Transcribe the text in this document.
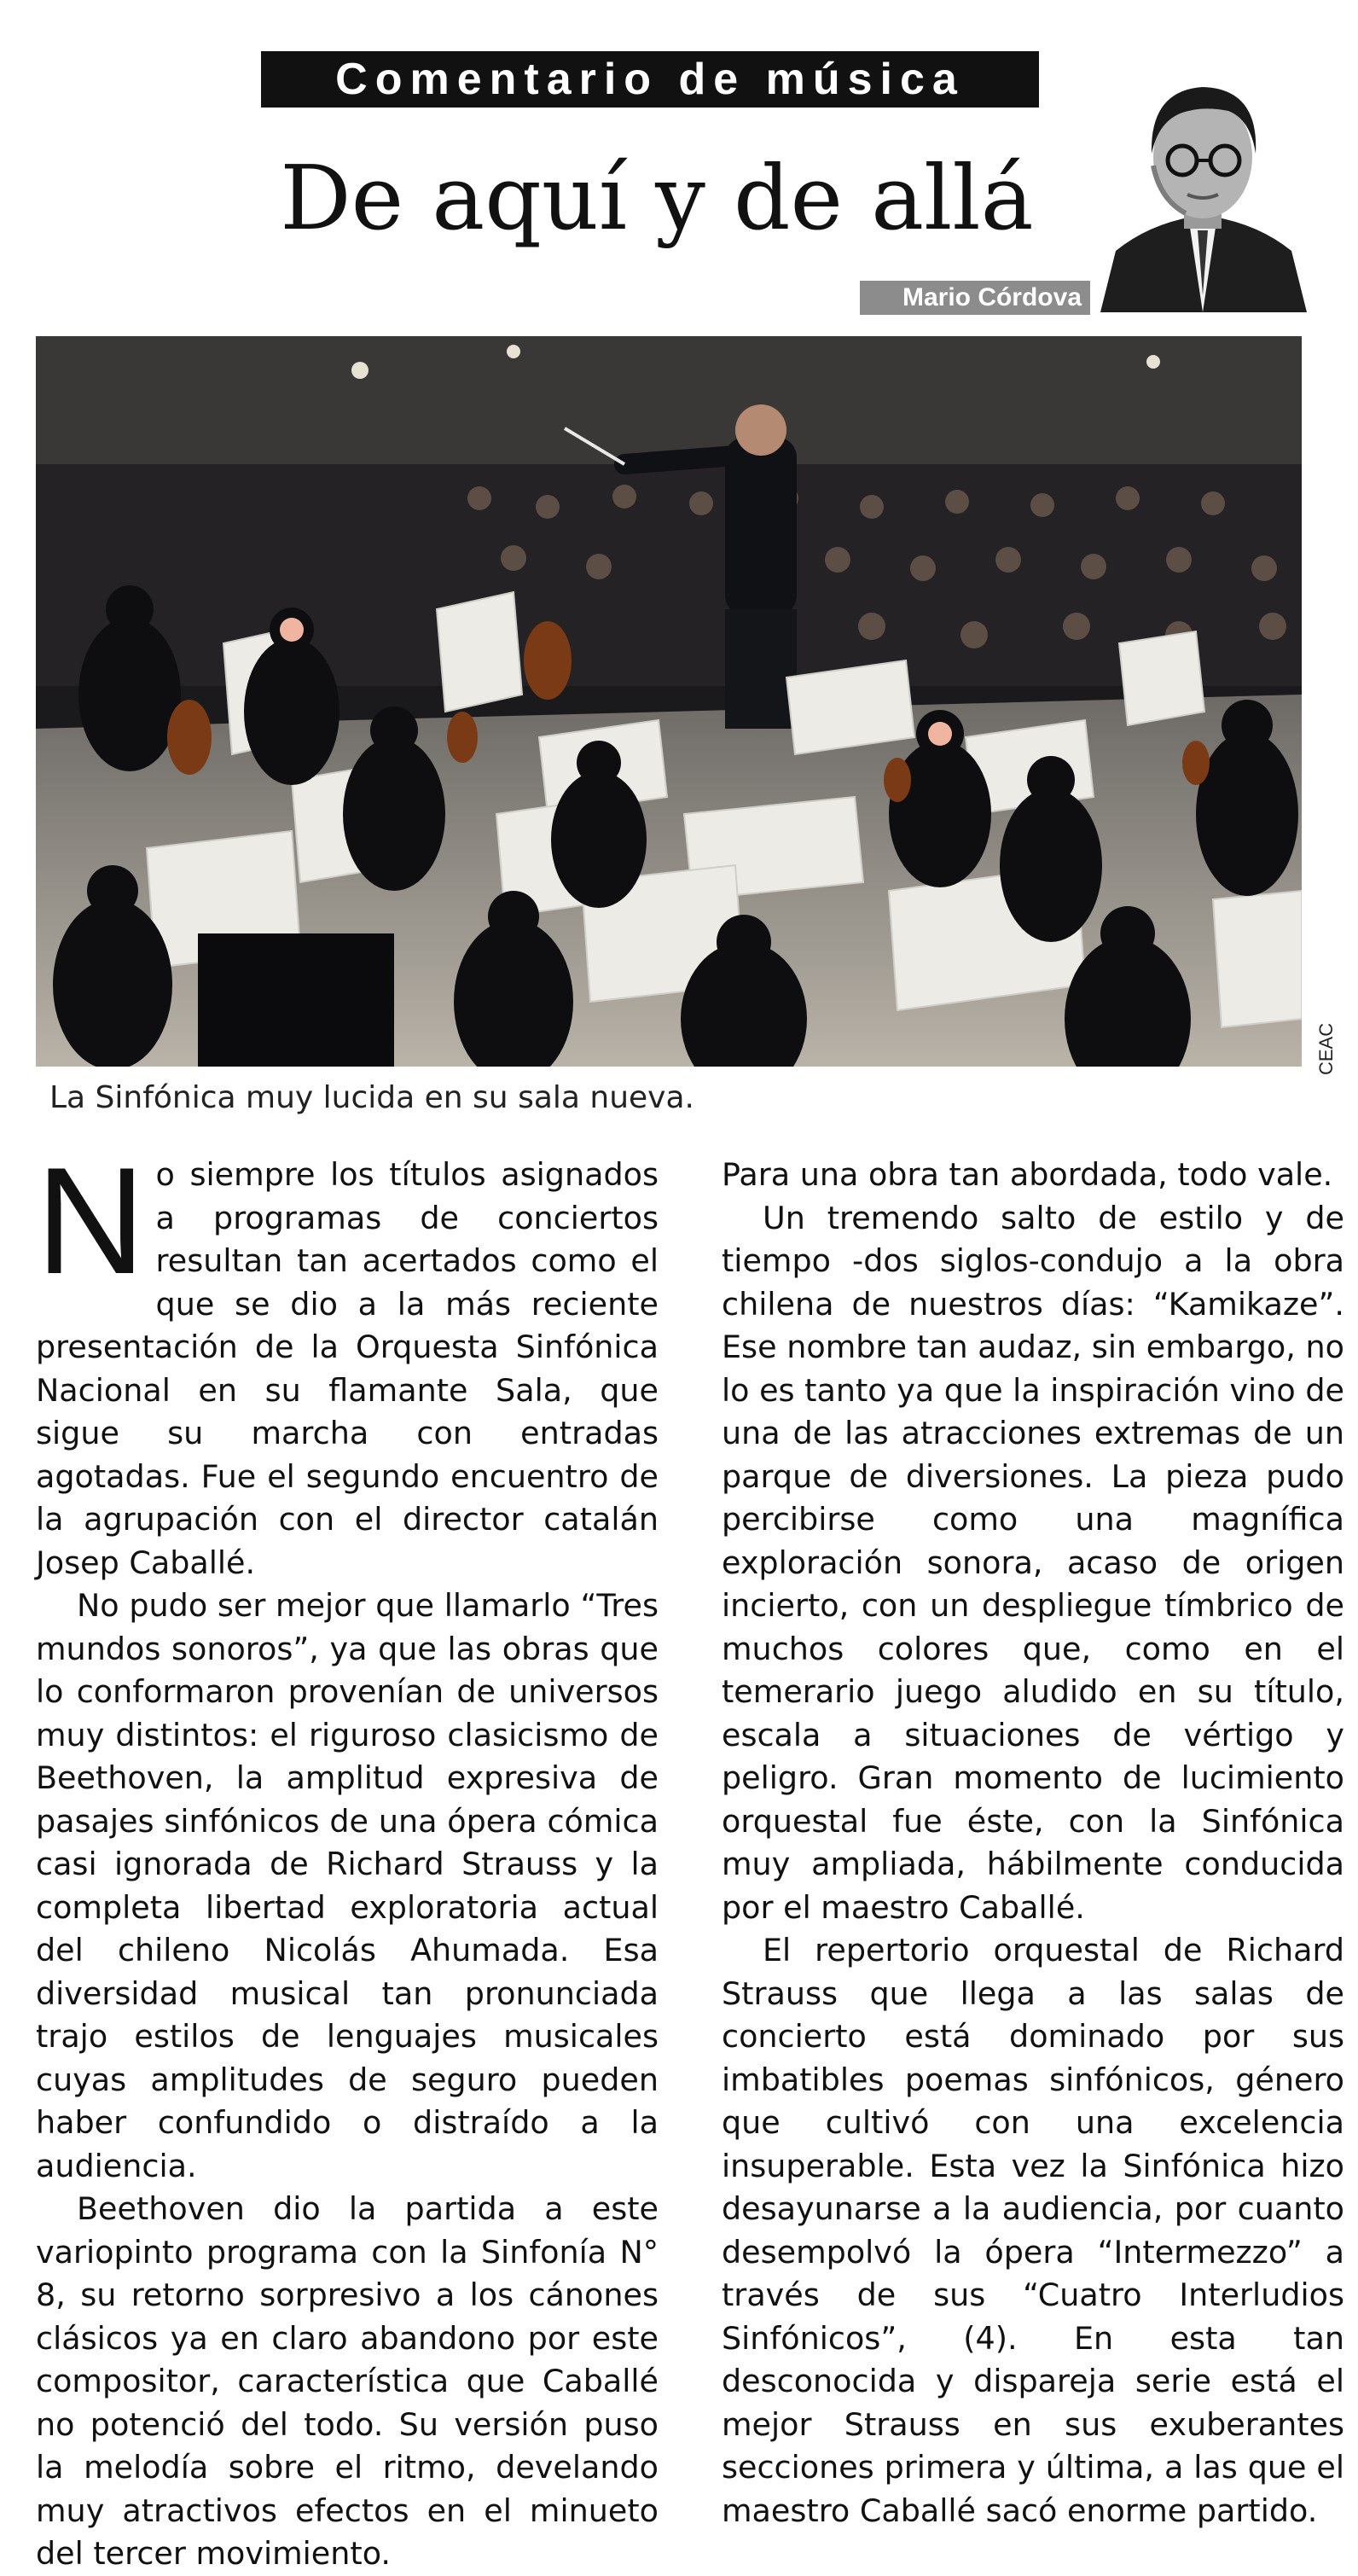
Comentario de música
De aquí y de allá
Mario Córdova
CEAC
La Sinfónica muy lucida en su sala nueva.

No siempre los títulos asignados a programas de conciertos resultan tan acertados como el que se dio a la más reciente presentación de la Orquesta Sinfónica Nacional en su flamante Sala, que sigue su marcha con entradas agotadas. Fue el segundo encuentro de la agrupación con el director catalán Josep Caballé.

No pudo ser mejor que llamarlo “Tres mundos sonoros”, ya que las obras que lo conformaron provenían de universos muy distintos: el riguroso clasicismo de Beethoven, la amplitud expresiva de pasajes sinfónicos de una ópera cómica casi ignorada de Richard Strauss y la completa libertad exploratoria actual del chileno Nicolás Ahumada. Esa diversidad musical tan pronunciada trajo estilos de lenguajes musicales cuyas amplitudes de seguro pueden haber confundido o distraído a la audiencia.

Beethoven dio la partida a este variopinto programa con la Sinfonía N° 8, su retorno sorpresivo a los cánones clásicos ya en claro abandono por este compositor, característica que Caballé no potenció del todo. Su versión puso la melodía sobre el ritmo, develando muy atractivos efectos en el minueto del tercer movimiento.

Para una obra tan abordada, todo vale.

Un tremendo salto de estilo y de tiempo -dos siglos-condujo a la obra chilena de nuestros días: “Kamikaze”. Ese nombre tan audaz, sin embargo, no lo es tanto ya que la inspiración vino de una de las atracciones extremas de un parque de diversiones. La pieza pudo percibirse como una magnífica exploración sonora, acaso de origen incierto, con un despliegue tímbrico de muchos colores que, como en el temerario juego aludido en su título, escala a situaciones de vértigo y peligro. Gran momento de lucimiento orquestal fue éste, con la Sinfónica muy ampliada, hábilmente conducida por el maestro Caballé.

El repertorio orquestal de Richard Strauss que llega a las salas de concierto está dominado por sus imbatibles poemas sinfónicos, género que cultivó con una excelencia insuperable. Esta vez la Sinfónica hizo desayunarse a la audiencia, por cuanto desempolvó la ópera “Intermezzo” a través de sus “Cuatro Interludios Sinfónicos”, (4). En esta tan desconocida y dispareja serie está el mejor Strauss en sus exuberantes secciones primera y última, a las que el maestro Caballé sacó enorme partido.
